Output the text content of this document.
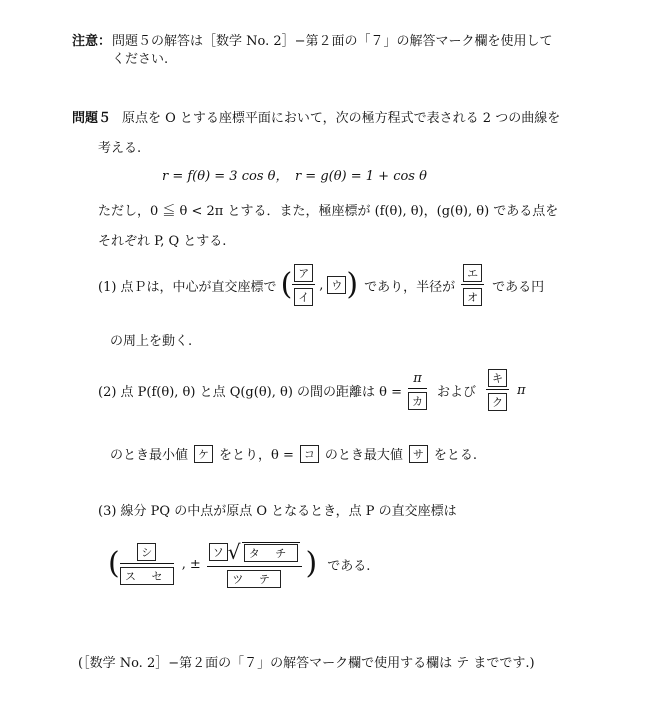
注意： 問題５の解答は［数学 No. 2］−第２面の「７」の解答マーク欄を使用して
ください.
問題５ 原点を O とする座標平面において，次の極方程式で表される 2 つの曲線を
考える.
r = f(θ) = 3 cos θ，　r = g(θ) = 1 + cos θ
ただし，0 ≦ θ < 2π とする．また，極座標が (f(θ), θ)，(g(θ), θ) である点を
それぞれ P, Q とする.
(1) 点Ｐは，中心が直交座標で ( $\frac{\text{ア}}{\text{イ}}$ , ウ ) であり，半径が $\frac{\text{エ}}{\text{オ}}$ である円
の周上を動く.
(2) 点 P(f(θ), θ) と点 Q(g(θ), θ) の間の距離は $\theta = \frac{\pi}{\text{カ}}$ および $\frac{\text{キ}}{\text{ク}}$ π
のとき最小値 ケ をとり，θ = コ のとき最大値 サ をとる.
(3) 線分 PQ の中点が原点 O となるとき，点 P の直交座標は
( $\frac{\text{シ}}{\text{ス セ}}$ , ± $\frac{\text{ソ √ タ チ}}{\text{ツ テ}}$ ) である.
(［数学 No. 2］−第２面の「７」の解答マーク欄で使用する欄は テ までです.)
